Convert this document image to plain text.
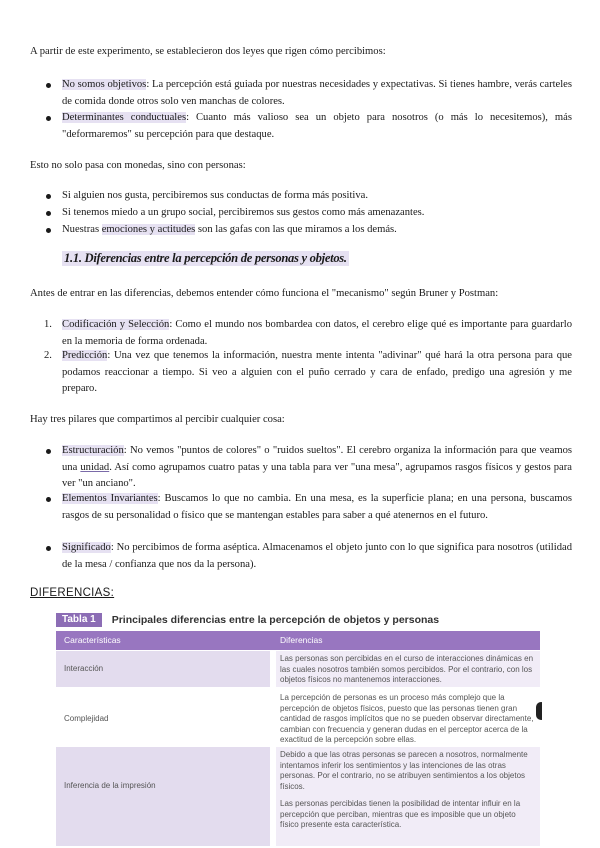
A partir de este experimento, se establecieron dos leyes que rigen cómo percibimos:

No somos objetivos: La percepción está guiada por nuestras necesidades y expectativas. Si tienes hambre, verás carteles de comida donde otros solo ven manchas de colores.
Determinantes conductuales: Cuanto más valioso sea un objeto para nosotros (o más lo necesitemos), más "deformaremos" su percepción para que destaque.

Esto no solo pasa con monedas, sino con personas:

Si alguien nos gusta, percibiremos sus conductas de forma más positiva.
Si tenemos miedo a un grupo social, percibiremos sus gestos como más amenazantes.
Nuestras emociones y actitudes son las gafas con las que miramos a los demás.
1.1. Diferencias entre la percepción de personas y objetos.

Antes de entrar en las diferencias, debemos entender cómo funciona el "mecanismo" según Bruner y Postman:

1. Codificación y Selección: Como el mundo nos bombardea con datos, el cerebro elige qué es importante para guardarlo en la memoria de forma ordenada.
2. Predicción: Una vez que tenemos la información, nuestra mente intenta "adivinar" qué hará la otra persona para que podamos reaccionar a tiempo. Si veo a alguien con el puño cerrado y cara de enfado, predigo una agresión y me preparo.

Hay tres pilares que compartimos al percibir cualquier cosa:

Estructuración: No vemos "puntos de colores" o "ruidos sueltos". El cerebro organiza la información para que veamos una unidad. Así como agrupamos cuatro patas y una tabla para ver "una mesa", agrupamos rasgos físicos y gestos para ver "un anciano".
Elementos Invariantes: Buscamos lo que no cambia. En una mesa, es la superficie plana; en una persona, buscamos rasgos de su personalidad o físico que se mantengan estables para saber a qué atenernos en el futuro.
Significado: No percibimos de forma aséptica. Almacenamos el objeto junto con lo que significa para nosotros (utilidad de la mesa / confianza que nos da la persona).
DIFERENCIAS:
Tabla 1	Principales diferencias entre la percepción de objetos y personas
Características	Diferencias
Interacción

Las personas son percibidas en el curso de interacciones dinámicas en las cuales nosotros también somos percibidos. Por el contrario, con los objetos físicos no mantenemos interacciones.

Complejidad

La percepción de personas es un proceso más complejo que la percepción de objetos físicos, puesto que las personas tienen gran cantidad de rasgos implícitos que no se pueden observar directamente, cambian con frecuencia y generan dudas en el perceptor acerca de la exactitud de la percepción sobre ellas.

Inferencia de la impresión

Debido a que las otras personas se parecen a nosotros, normalmente intentamos inferir los sentimientos y las intenciones de las otras personas. Por el contrario, no se atribuyen sentimientos a los objetos físicos.

Las personas percibidas tienen la posibilidad de intentar influir en la percepción que perciban, mientras que es imposible que un objeto físico presente esta característica.
